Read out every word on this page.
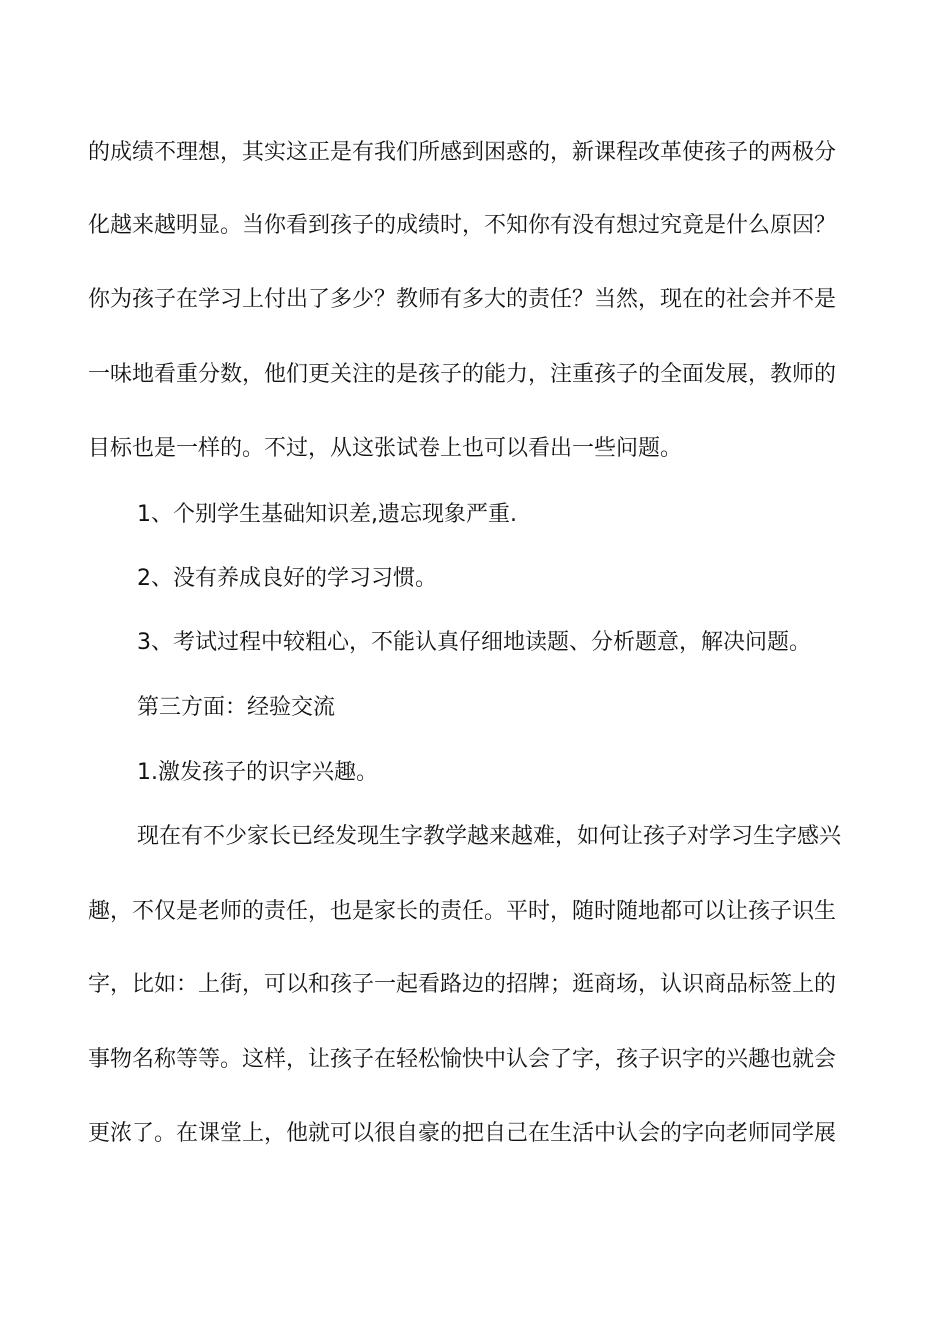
的成绩不理想，其实这正是有我们所感到困惑的，新课程改革使孩子的两极分
化越来越明显。当你看到孩子的成绩时，不知你有没有想过究竟是什么原因？
你为孩子在学习上付出了多少？教师有多大的责任？当然，现在的社会并不是
一味地看重分数，他们更关注的是孩子的能力，注重孩子的全面发展，教师的
目标也是一样的。不过，从这张试卷上也可以看出一些问题。
1、个别学生基础知识差,遗忘现象严重.
2、没有养成良好的学习习惯。
3、考试过程中较粗心，不能认真仔细地读题、分析题意，解决问题。
第三方面：经验交流
1.激发孩子的识字兴趣。
现在有不少家长已经发现生字教学越来越难，如何让孩子对学习生字感兴
趣，不仅是老师的责任，也是家长的责任。平时，随时随地都可以让孩子识生
字，比如：上街，可以和孩子一起看路边的招牌；逛商场，认识商品标签上的
事物名称等等。这样，让孩子在轻松愉快中认会了字，孩子识字的兴趣也就会
更浓了。在课堂上，他就可以很自豪的把自己在生活中认会的字向老师同学展
